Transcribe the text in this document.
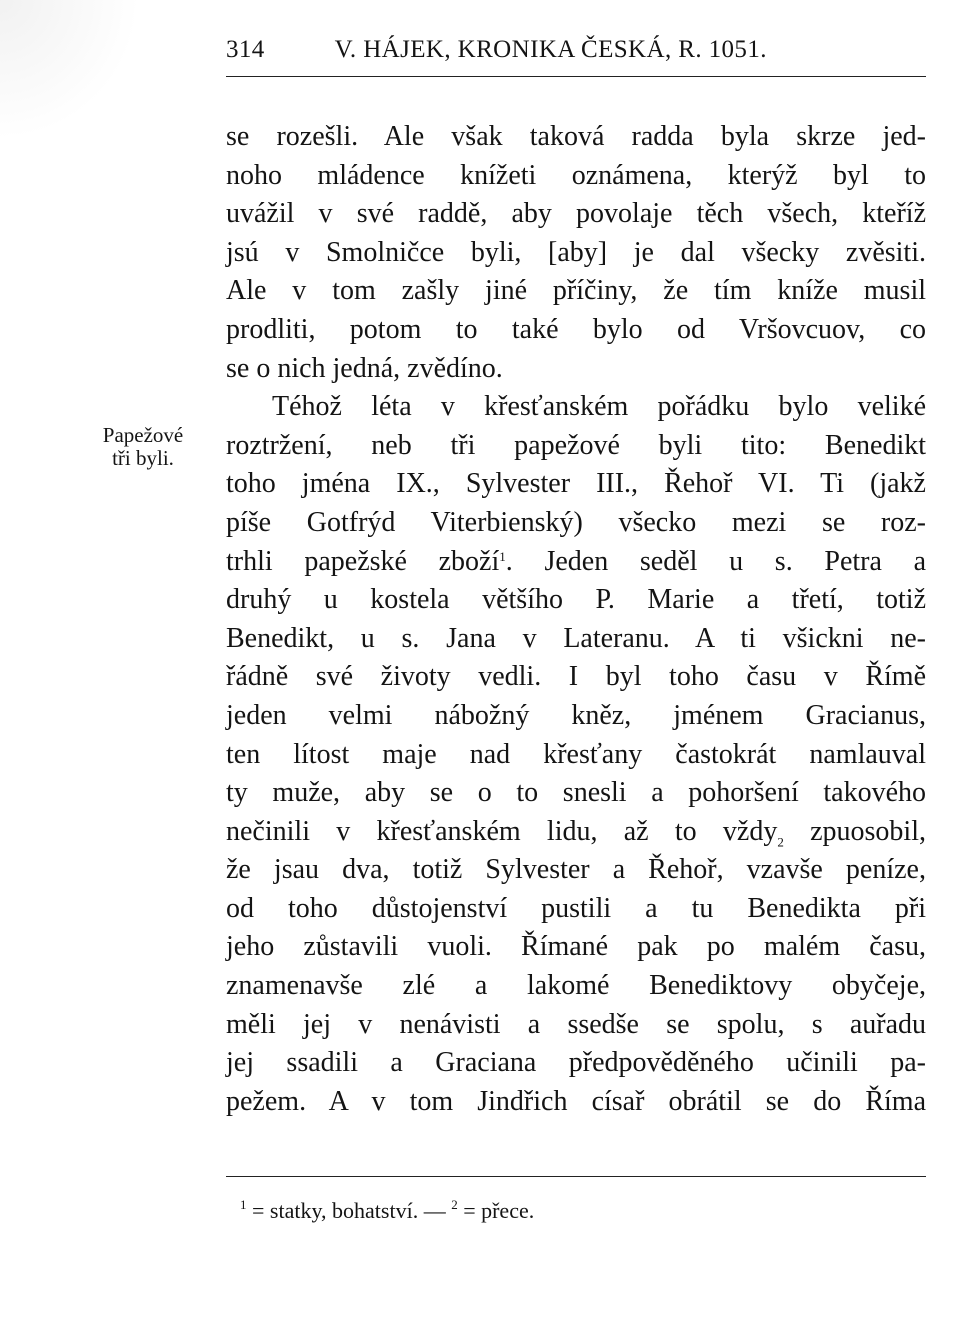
314	V. HÁJEK, KRONIKA ČESKÁ, R. 1051.
Papežové
tři byli.
se rozešli. Ale však taková radda byla skrze jed-
noho mládence knížeti oznámena, kterýž byl to
uvážil v své raddě, aby povolaje těch všech, kteříž
jsú v Smolničce byli, [aby] je dal všecky zvěsiti.
Ale v tom zašly jiné příčiny, že tím kníže musil
prodliti, potom to také bylo od Vršovcuov, co
se o nich jedná, zvědíno.
Téhož léta v křesťanském pořádku bylo veliké
roztržení, neb tři papežové byli tito: Benedikt
toho jména IX., Sylvester III., Řehoř VI. Ti (jakž
píše Gotfrýd Viterbienský) všecko mezi se roz-
trhli papežské zboží$^1$. Jeden seděl u s. Petra a
druhý u kostela většího P. Marie a třetí, totiž
Benedikt, u s. Jana v Lateranu. A ti všickni ne-
řádně své životy vedli. I byl toho času v Římě
jeden velmi nábožný kněz, jménem Gracianus,
ten lítost maje nad křesťany častokrát namlauval
ty muže, aby se o to snesli a pohoršení takového
nečinili v křesťanském lidu, až to vždy$_2$ zpuosobil,
že jsau dva, totiž Sylvester a Řehoř, vzavše peníze,
od toho důstojenství pustili a tu Benedikta při
jeho zůstavili vuoli. Římané pak po malém času,
znamenavše zlé a lakomé Benediktovy obyčeje,
měli jej v nenávisti a ssedše se spolu, s auřadu
jej ssadili a Graciana předpověděného učinili pa-
pežem. A v tom Jindřich císař obrátil se do Říma
$^1$ = statky, bohatství. — $^2$ = přece.
